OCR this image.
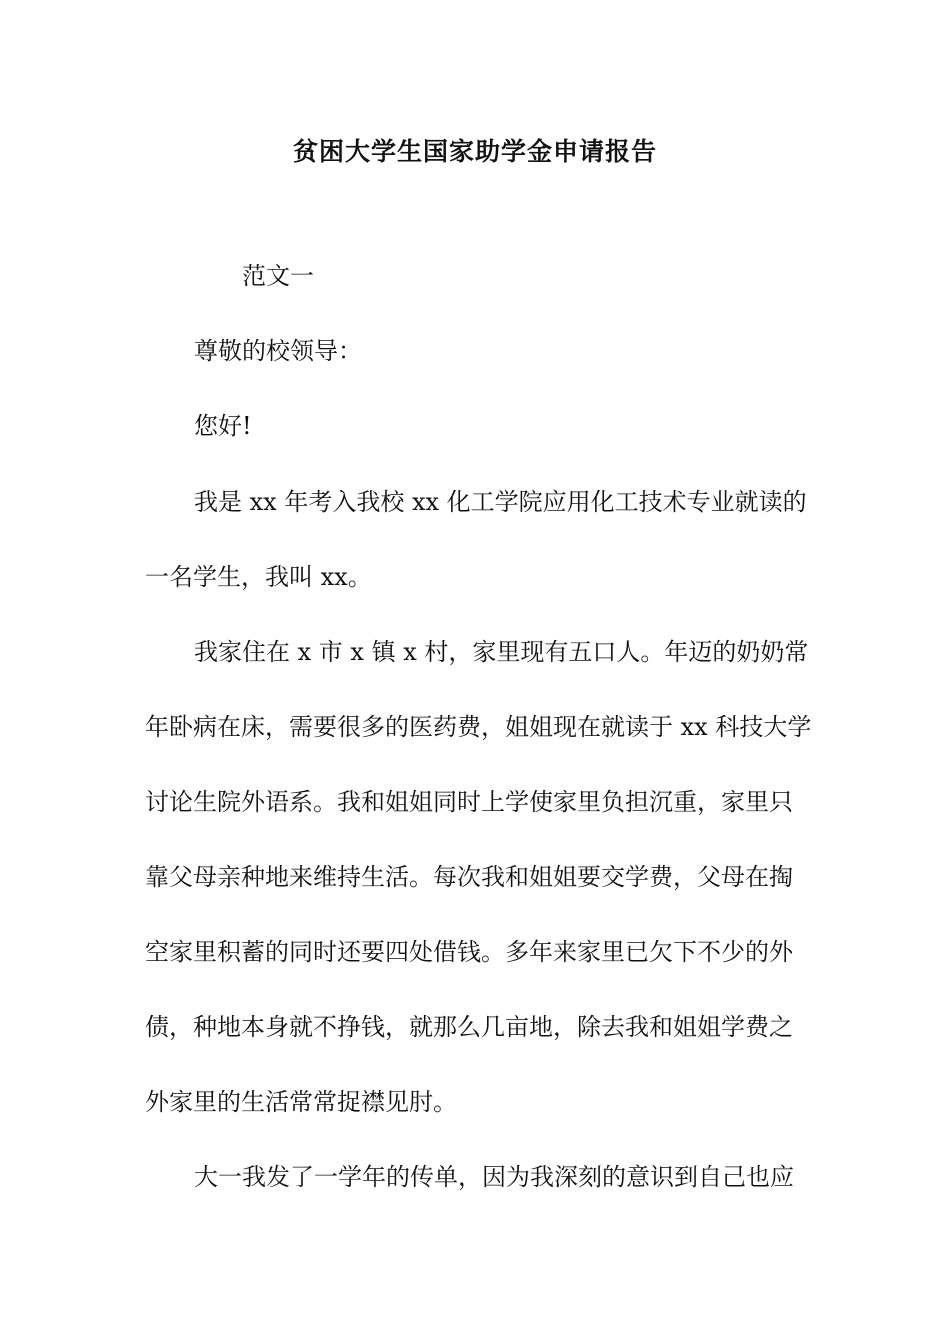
贫困大学生国家助学金申请报告

范文一

尊敬的校领导：

您好!

我是 xx 年考入我校 xx 化工学院应用化工技术专业就读的

一名学生，我叫 xx。

我家住在 x 市 x 镇 x 村，家里现有五口人。年迈的奶奶常

年卧病在床，需要很多的医药费，姐姐现在就读于 xx 科技大学

讨论生院外语系。我和姐姐同时上学使家里负担沉重，家里只

靠父母亲种地来维持生活。每次我和姐姐要交学费，父母在掏

空家里积蓄的同时还要四处借钱。多年来家里已欠下不少的外

债，种地本身就不挣钱，就那么几亩地，除去我和姐姐学费之

外家里的生活常常捉襟见肘。

大一我发了一学年的传单，因为我深刻的意识到自己也应
